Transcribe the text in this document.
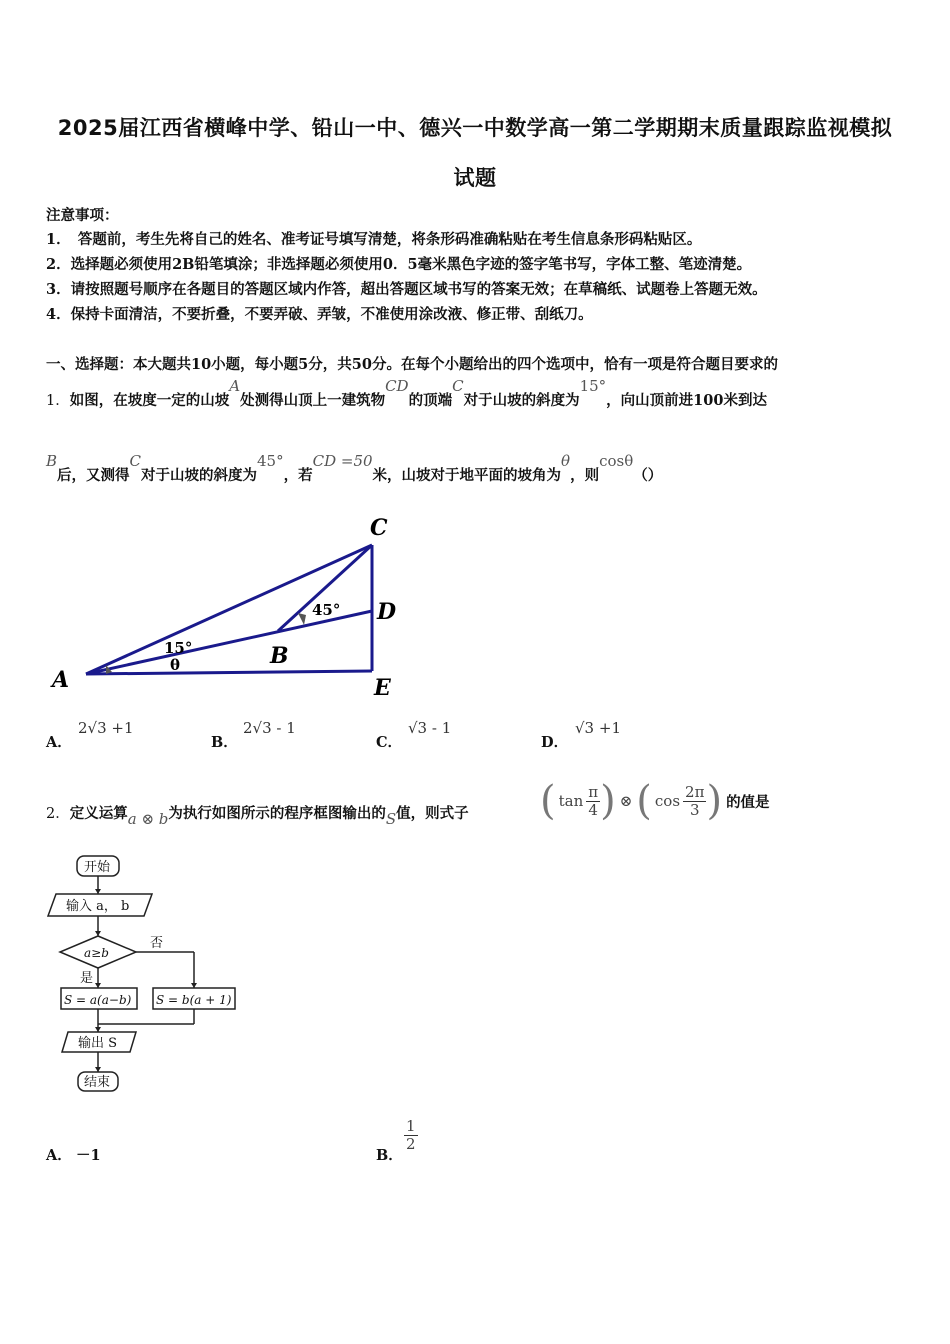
2025届江西省横峰中学、铅山一中、德兴一中数学高一第二学期期末质量跟踪监视模拟
试题
注意事项：
1．　答题前，考生先将自己的姓名、准考证号填写清楚，将条形码准确粘贴在考生信息条形码粘贴区。
2．选择题必须使用2B铅笔填涂；非选择题必须使用0．5毫米黑色字迹的签字笔书写，字体工整、笔迹清楚。
3．请按照题号顺序在各题目的答题区域内作答，超出答题区域书写的答案无效；在草稿纸、试题卷上答题无效。
4．保持卡面清洁，不要折叠，不要弄破、弄皱，不准使用涂改液、修正带、刮纸刀。
一、选择题：本大题共10小题，每小题5分，共50分。在每个小题给出的四个选项中，恰有一项是符合题目要求的
1．如图，在坡度一定的山坡A处测得山顶上一建筑物CD的顶端C对于山坡的斜度为15°，向山顶前进100米到达
B后，又测得C对于山坡的斜度为45°，若CD =50米，山坡对于地平面的坡角为θ，则cosθ（）
C
D
E
A
B
45°
15°
θ
A．
2√3 +1
B．
2√3 - 1
C．
√3 - 1
D．
√3 +1
2．定义运算a ⊗ b为执行如图所示的程序框图输出的S值，则式子 ( $\tan \frac{\pi}{4}$ ) ⊗ ( $\cos \frac{2\pi}{3}$ ) 的值是
开始
输入 a， b
a≥b
否
是
S = a(a−b) S = b(a + 1)
输出 S
结束
A． －1	B．
$\frac{1}{2}$
